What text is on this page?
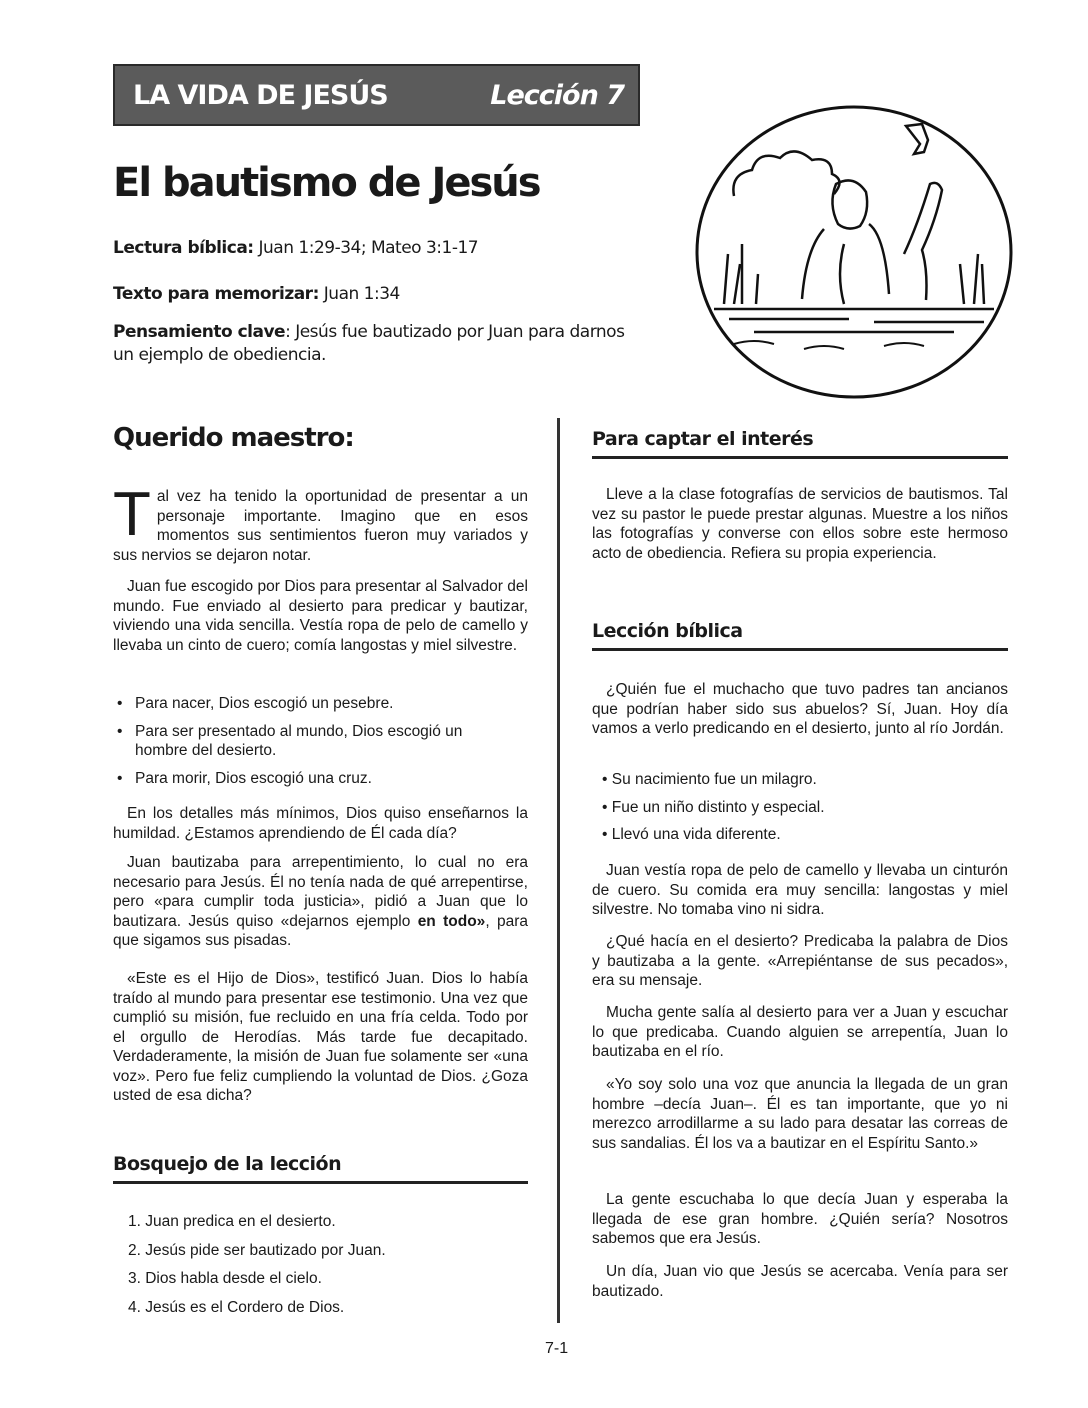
LA VIDA DE JESÚS	Lección 7
El bautismo de Jesús
Lectura bíblica: Juan 1:29-34; Mateo 3:1-17
Texto para memorizar: Juan 1:34
Pensamiento clave: Jesús fue bautizado por Juan para darnos un ejemplo de obediencia.
Querido maestro:

Tal vez ha tenido la oportunidad de presentar a un personaje importante. Imagino que en esos momentos sus sentimientos fueron muy variados y sus nervios se dejaron notar.

Juan fue escogido por Dios para presentar al Salvador del mundo. Fue enviado al desierto para predicar y bautizar, viviendo una vida sencilla. Vestía ropa de pelo de camello y llevaba un cinto de cuero; comía langostas y miel silvestre.

• Para nacer, Dios escogió un pesebre.
• Para ser presentado al mundo, Dios escogió un hombre del desierto.
• Para morir, Dios escogió una cruz.

En los detalles más mínimos, Dios quiso enseñarnos la humildad. ¿Estamos aprendiendo de Él cada día?

Juan bautizaba para arrepentimiento, lo cual no era necesario para Jesús. Él no tenía nada de qué arrepentirse, pero «para cumplir toda justicia», pidió a Juan que lo bautizara. Jesús quiso «dejarnos ejemplo en todo», para que sigamos sus pisadas.

«Este es el Hijo de Dios», testificó Juan. Dios lo había traído al mundo para presentar ese testimonio. Una vez que cumplió su misión, fue recluido en una fría celda. Todo por el orgullo de Herodías. Más tarde fue decapitado. Verdaderamente, la misión de Juan fue solamente ser «una voz». Pero fue feliz cumpliendo la voluntad de Dios. ¿Goza usted de esa dicha?

Bosquejo de la lección
1. Juan predica en el desierto.
2. Jesús pide ser bautizado por Juan.
3. Dios habla desde el cielo.
4. Jesús es el Cordero de Dios.
Para captar el interés

Lleve a la clase fotografías de servicios de bautismos. Tal vez su pastor le puede prestar algunas. Muestre a los niños las fotografías y converse con ellos sobre este hermoso acto de obediencia. Refiera su propia experiencia.

Lección bíblica

¿Quién fue el muchacho que tuvo padres tan ancianos que podrían haber sido sus abuelos? Sí, Juan. Hoy día vamos a verlo predicando en el desierto, junto al río Jordán.

• Su nacimiento fue un milagro.
• Fue un niño distinto y especial.
• Llevó una vida diferente.

Juan vestía ropa de pelo de camello y llevaba un cinturón de cuero. Su comida era muy sencilla: langostas y miel silvestre. No tomaba vino ni sidra.

¿Qué hacía en el desierto? Predicaba la palabra de Dios y bautizaba a la gente. «Arrepiéntanse de sus pecados», era su mensaje.

Mucha gente salía al desierto para ver a Juan y escuchar lo que predicaba. Cuando alguien se arrepentía, Juan lo bautizaba en el río.

«Yo soy solo una voz que anuncia la llegada de un gran hombre –decía Juan–. Él es tan importante, que yo ni merezco arrodillarme a su lado para desatar las correas de sus sandalias. Él los va a bautizar en el Espíritu Santo.»

La gente escuchaba lo que decía Juan y esperaba la llegada de ese gran hombre. ¿Quién sería? Nosotros sabemos que era Jesús.

Un día, Juan vio que Jesús se acercaba. Venía para ser bautizado.

7-1
